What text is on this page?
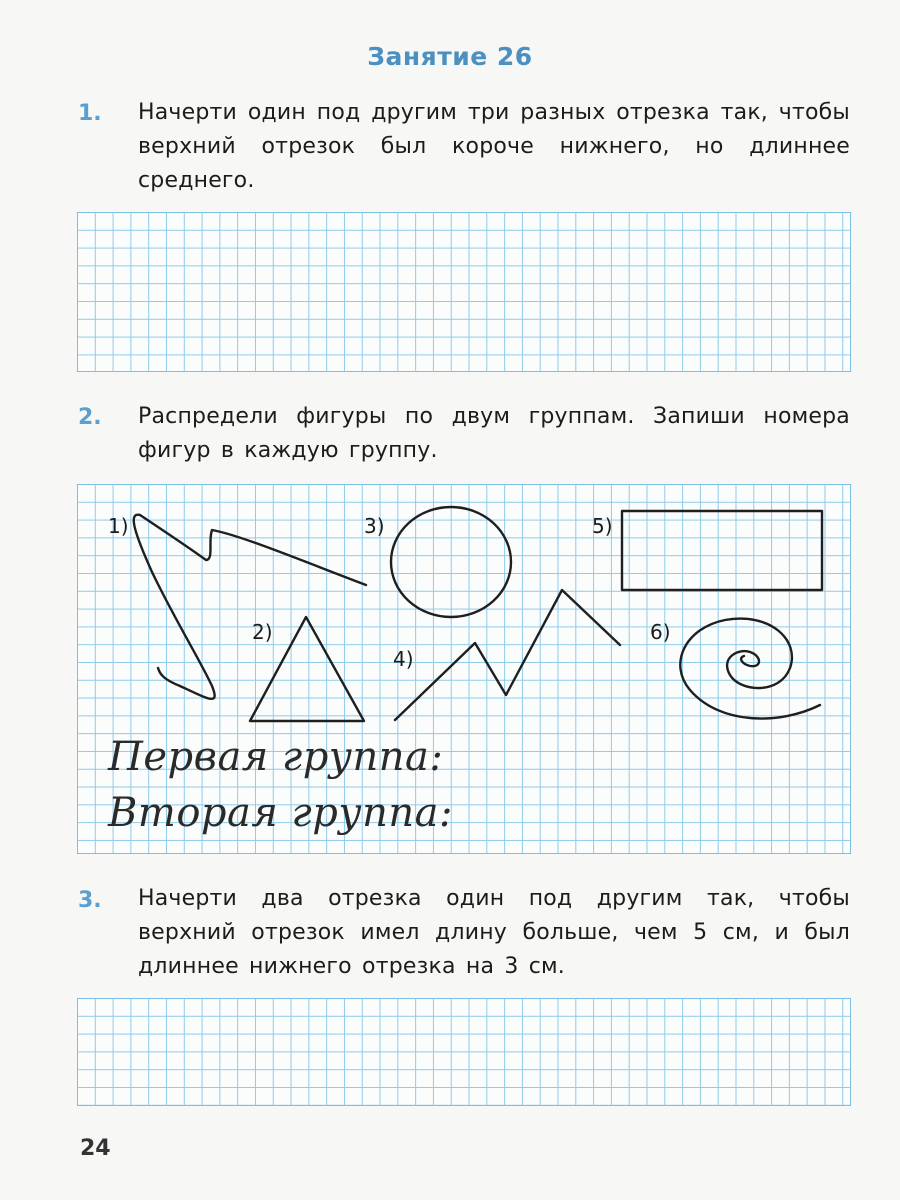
Занятие 26
1. Начерти один под другим три разных отрезка так, чтобы верхний отрезок был короче нижнего, но длиннее среднего.
2. Распредели фигуры по двум группам. Запиши номера фигур в каждую группу.
1)
2)
3)
4)
5)
6)
Первая группа:
Вторая группа:
3. Начерти два отрезка один под другим так, чтобы верхний отрезок имел длину больше, чем 5 см, и был длиннее нижнего отрезка на 3 см.
24
